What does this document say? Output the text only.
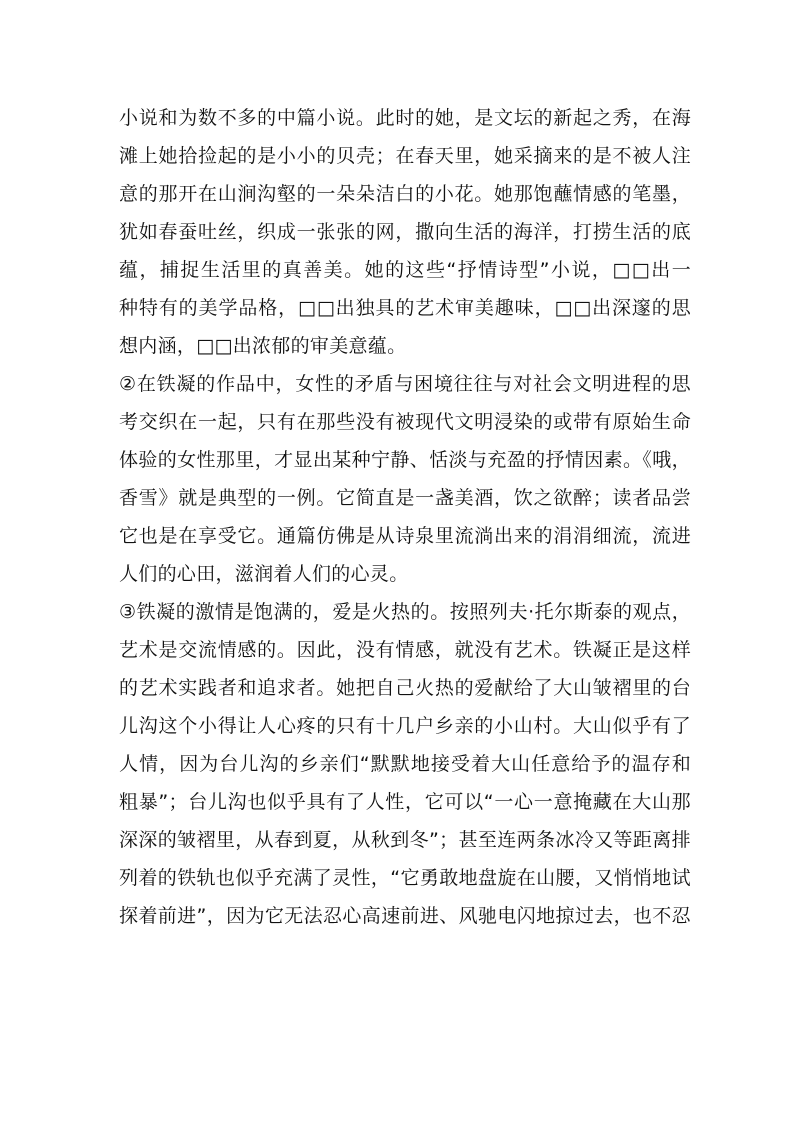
小说和为数不多的中篇小说。此时的她，是文坛的新起之秀，在海
滩上她拾捡起的是小小的贝壳；在春天里，她采摘来的是不被人注
意的那开在山涧沟壑的一朵朵洁白的小花。她那饱蘸情感的笔墨，
犹如春蚕吐丝，织成一张张的网，撒向生活的海洋，打捞生活的底
蕴，捕捉生活里的真善美。她的这些“抒情诗型”小说，□□出一
种特有的美学品格，□□出独具的艺术审美趣味，□□出深邃的思
想内涵，□□出浓郁的审美意蕴。
②在铁凝的作品中，女性的矛盾与困境往往与对社会文明进程的思
考交织在一起，只有在那些没有被现代文明浸染的或带有原始生命
体验的女性那里，才显出某种宁静、恬淡与充盈的抒情因素。《哦，
香雪》就是典型的一例。它简直是一盏美酒，饮之欲醉；读者品尝
它也是在享受它。通篇仿佛是从诗泉里流淌出来的涓涓细流，流进
人们的心田，滋润着人们的心灵。
③铁凝的激情是饱满的，爱是火热的。按照列夫·托尔斯泰的观点，
艺术是交流情感的。因此，没有情感，就没有艺术。铁凝正是这样
的艺术实践者和追求者。她把自己火热的爱献给了大山皱褶里的台
儿沟这个小得让人心疼的只有十几户乡亲的小山村。大山似乎有了
人情，因为台儿沟的乡亲们“默默地接受着大山任意给予的温存和
粗暴”；台儿沟也似乎具有了人性，它可以“一心一意掩藏在大山那
深深的皱褶里，从春到夏，从秋到冬”；甚至连两条冰冷又等距离排
列着的铁轨也似乎充满了灵性，“它勇敢地盘旋在山腰，又悄悄地试
探着前进”，因为它无法忍心高速前进、风驰电闪地掠过去，也不忍
